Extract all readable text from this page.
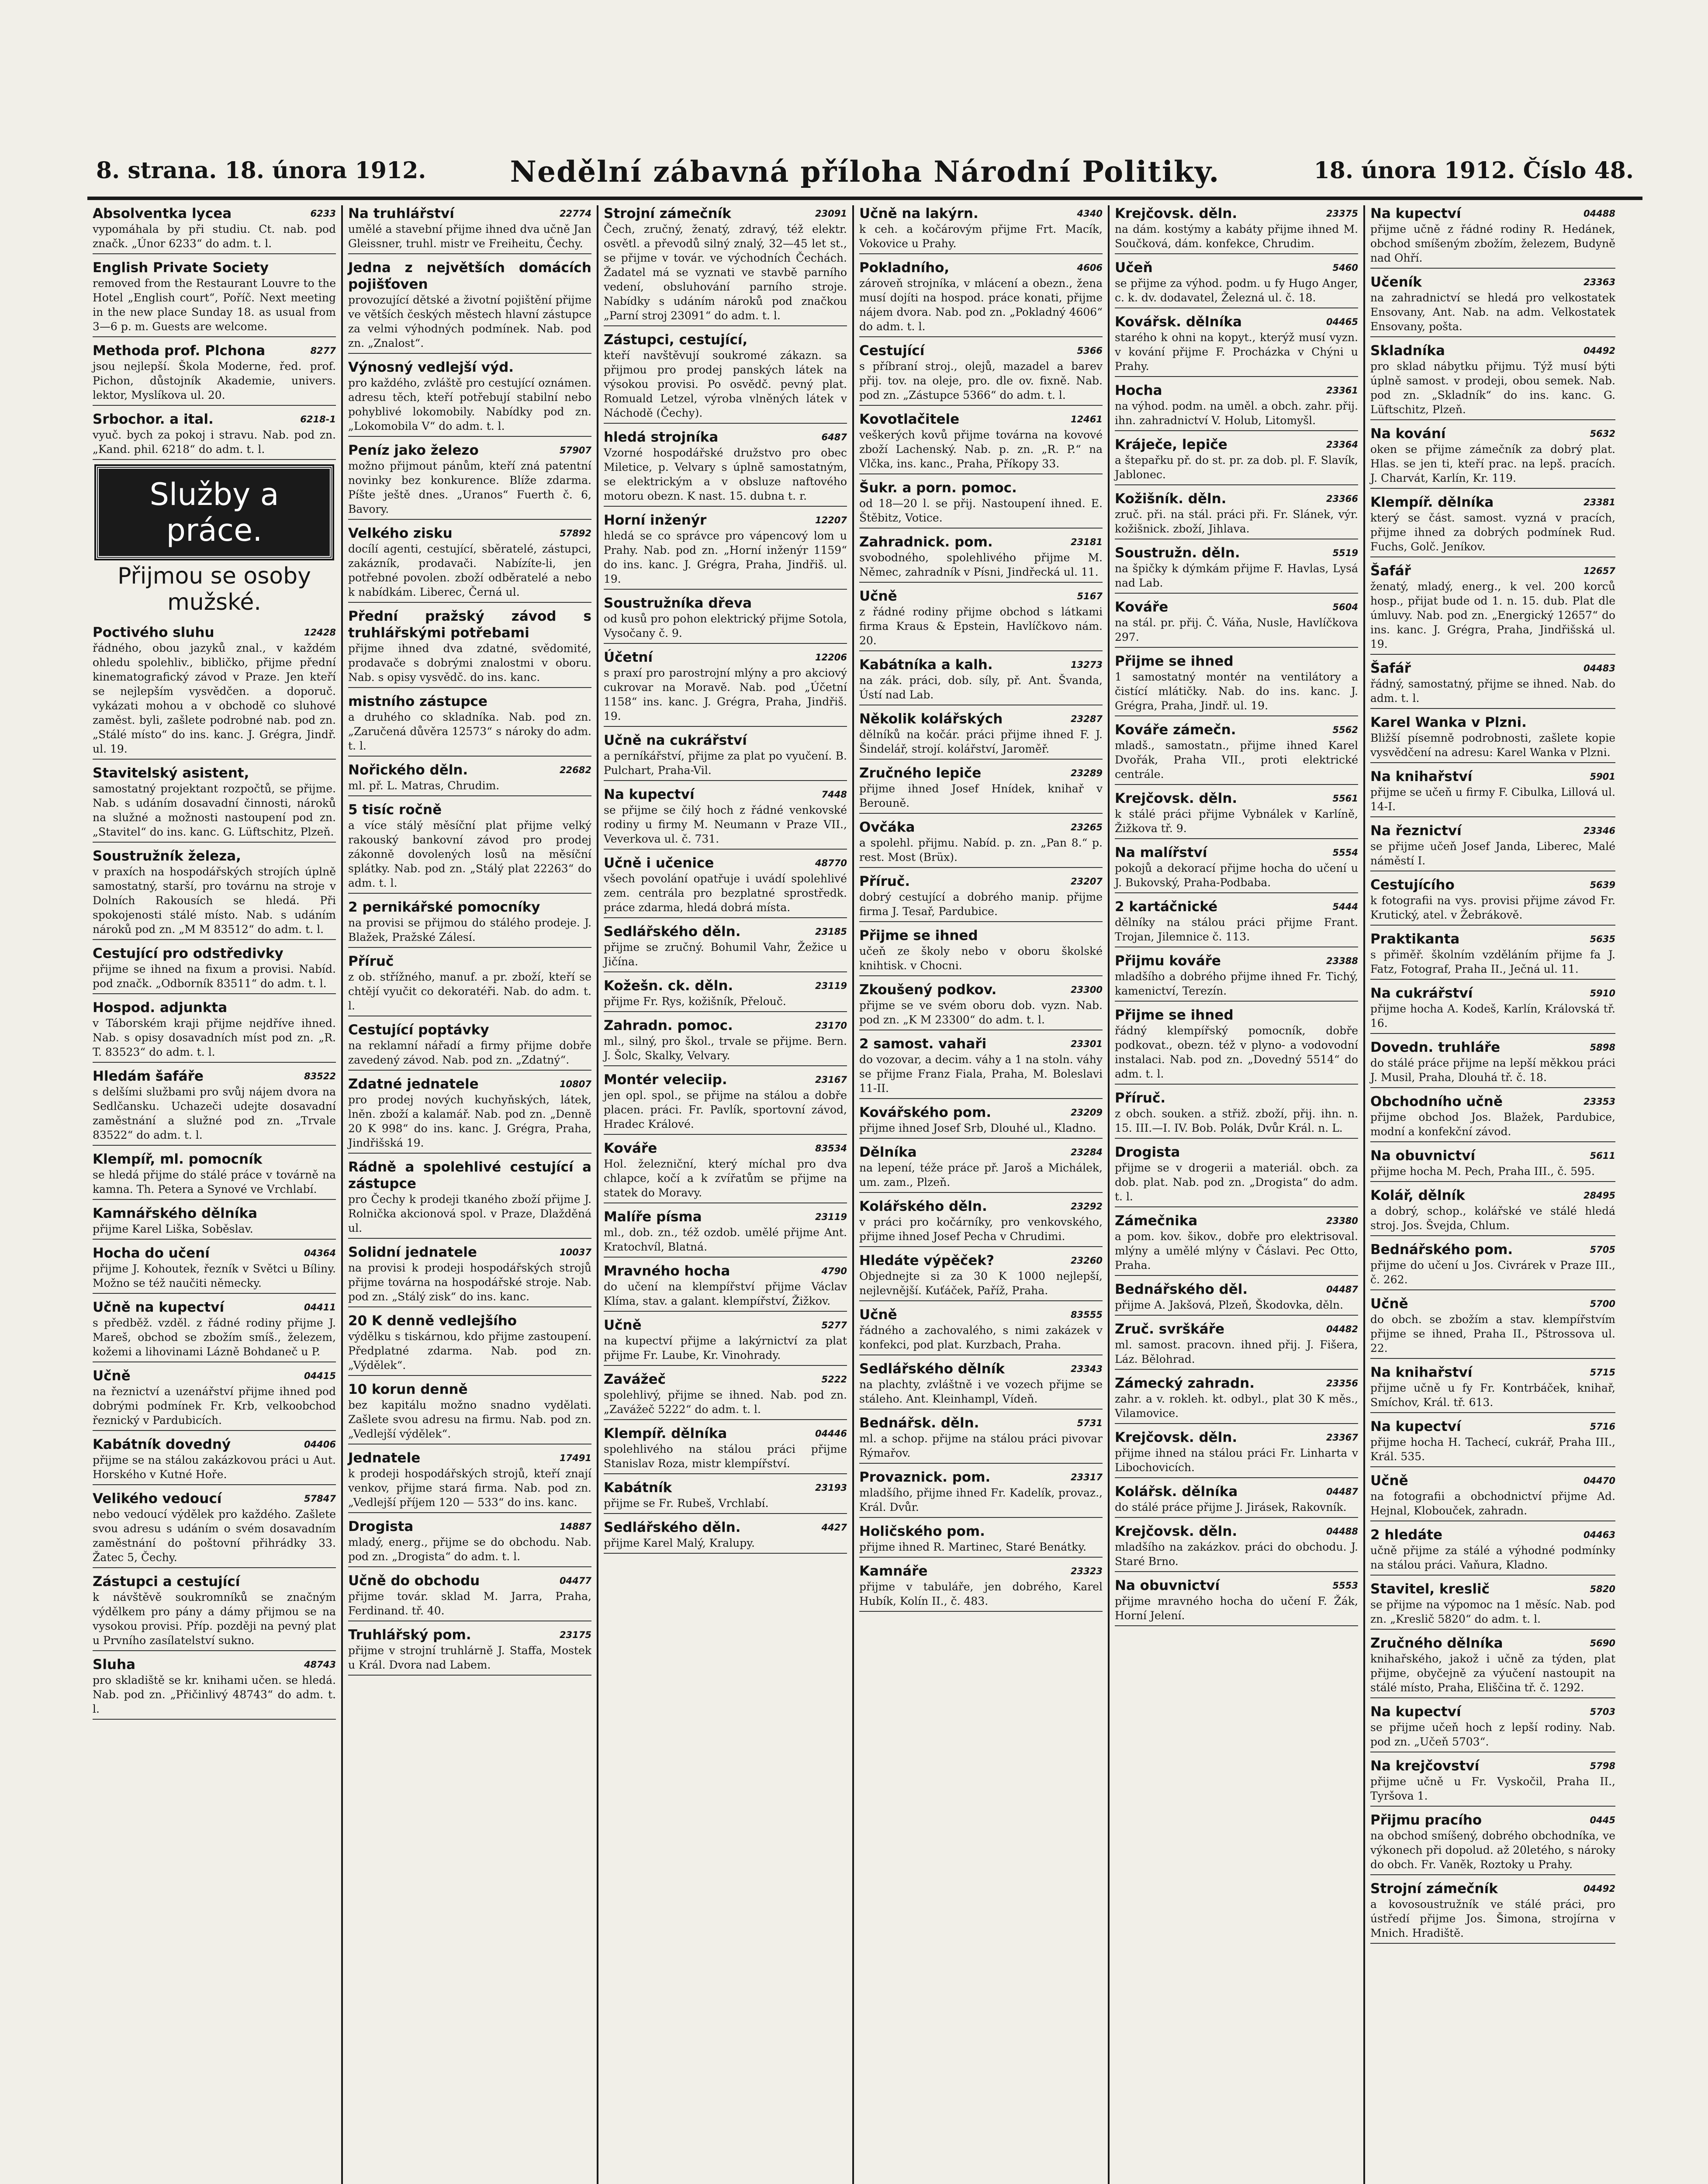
8. strana. 18. února 1912.	Nedělní zábavná příloha Národní Politiky.	18. února 1912. Číslo 48.
6233
Absolventka lycea
vypomáhala by při studiu. Ct. nab. pod značk. „Únor 6233“ do adm. t. l.
English Private Society
removed from the Restaurant Louvre to the Hotel „English court“, Poříč. Next meeting in the new place Sunday 18. as usual from 3—6 p. m. Guests are welcome.
8277
Methoda prof. Plchona
jsou nejlepší. Škola Moderne, řed. prof. Pichon, důstojník Akademie, univers. lektor, Myslíkova ul. 20.
6218-1
Srbochor. a ital.
vyuč. bych za pokoj i stravu. Nab. pod zn. „Kand. phil. 6218“ do adm. t. l.
Služby a práce.
Přijmou se osoby mužské.
12428
Poctivého sluhu
řádného, obou jazyků znal., v každém ohledu spolehliv., bibličko, přijme přední kinematografický závod v Praze. Jen kteří se nejlepším vysvědčen. a doporuč. vykázati mohou a v obchodě co sluhové zaměst. byli, zašlete podrobné nab. pod zn. „Stálé místo“ do ins. kanc. J. Grégra, Jindř. ul. 19.
Stavitelský asistent,
samostatný projektant rozpočtů, se přijme. Nab. s udáním dosavadní činnosti, nároků na služné a možnosti nastoupení pod zn. „Stavitel“ do ins. kanc. G. Lüftschitz, Plzeň.
Soustružník železa,
v praxích na hospodářských strojích úplně samostatný, starší, pro továrnu na stroje v Dolních Rakousích se hledá. Při spokojenosti stálé místo. Nab. s udáním nároků pod zn. „M M 83512“ do adm. t. l.
Cestující pro odstředivky
přijme se ihned na fixum a provisi. Nabíd. pod značk. „Odborník 83511“ do adm. t. l.
Hospod. adjunkta
v Táborském kraji přijme nejdříve ihned. Nab. s opisy dosavadních míst pod zn. „R. T. 83523“ do adm. t. l.
83522
Hledám šafáře
s delšími službami pro svůj nájem dvora na Sedlčansku. Uchazeči udejte dosavadní zaměstnání a služné pod zn. „Trvale 83522“ do adm. t. l.
Klempíř, ml. pomocník
se hledá přijme do stálé práce v továrně na kamna. Th. Petera a Synové ve Vrchlabí.
Kamnářského dělníka
přijme Karel Liška, Soběslav.
04364
Hocha do učení
přijme J. Kohoutek, řezník v Světci u Bíliny. Možno se též naučiti německy.
04411
Učně na kupectví
s předběž. vzděl. z řádné rodiny přijme J. Mareš, obchod se zbožím smíš., železem, kožemi a lihovinami Lázně Bohdaneč u P.
04415
Učně
na řeznictví a uzenářství přijme ihned pod dobrými podmínek Fr. Krb, velkoobchod řeznický v Pardubicích.
04406
Kabátník dovedný
přijme se na stálou zakázkovou práci u Aut. Horského v Kutné Hoře.
57847
Velikého vedoucí
nebo vedoucí výdělek pro každého. Zašlete svou adresu s udáním o svém dosavadním zaměstnání do poštovní přihrádky 33. Žatec 5, Čechy.
Zástupci a cestující
k návštěvě soukromníků se značným výdělkem pro pány a dámy přijmou se na vysokou provisi. Příp. později na pevný plat u Prvního zasílatelství sukno.
48743
Sluha
pro skladiště se kr. knihami učen. se hledá. Nab. pod zn. „Přičinlivý 48743“ do adm. t. l.
22774
Na truhlářství
umělé a stavební přijme ihned dva učně Jan Gleissner, truhl. mistr ve Freiheitu, Čechy.
Jedna z největších domácích pojišťoven
provozující dětské a životní pojištění přijme ve větších českých městech hlavní zástupce za velmi výhodných podmínek. Nab. pod zn. „Znalost“.
Výnosný vedlejší výd.
pro každého, zvláště pro cestující oznámen. adresu těch, kteří potřebují stabilní nebo pohyblivé lokomobily. Nabídky pod zn. „Lokomobila V“ do adm. t. l.
57907
Peníz jako železo
možno přijmout pánům, kteří zná patentní novinky bez konkurence. Blíže zdarma. Píšte ještě dnes. „Uranos“ Fuerth č. 6, Bavory.
57892
Velkého zisku
docílí agenti, cestující, sběratelé, zástupci, zakázník, prodavači. Nabízíte-li, jen potřebné povolen. zboží odběratelé a nebo k nabídkám. Liberec, Černá ul.
Přední pražský závod s truhlářskými potřebami
přijme ihned dva zdatné, svědomité, prodavače s dobrými znalostmi v oboru. Nab. s opisy vysvědč. do ins. kanc.
mistního zástupce
a druhého co skladníka. Nab. pod zn. „Zaručená důvěra 12573“ s nároky do adm. t. l.
22682
Nořického děln.
ml. př. L. Matras, Chrudim.
5 tisíc ročně
a více stálý měsíční plat přijme velký rakouský bankovní závod pro prodej zákonně dovolených losů na měsíční splátky. Nab. pod zn. „Stálý plat 22263“ do adm. t. l.
2 pernikářské pomocníky
na provisi se přijmou do stálého prodeje. J. Blažek, Pražské Zálesí.
Příruč
z ob. střížného, manuf. a pr. zboží, kteří se chtějí vyučit co dekoratéři. Nab. do adm. t. l.
Cestující poptávky
na reklamní nářadí a firmy přijme dobře zavedený závod. Nab. pod zn. „Zdatný“.
10807
Zdatné jednatele
pro prodej nových kuchyňských, látek, lněn. zboží a kalamář. Nab. pod zn. „Denně 20 K 998“ do ins. kanc. J. Grégra, Praha, Jindřišská 19.
Rádně a spolehlivé cestující a zástupce
pro Čechy k prodeji tkaného zboží přijme J. Rolnička akcionová spol. v Praze, Dlažděná ul.
10037
Solidní jednatele
na provisi k prodeji hospodářských strojů přijme továrna na hospodářské stroje. Nab. pod zn. „Stálý zisk“ do ins. kanc.
20 K denně vedlejšího
výdělku s tiskárnou, kdo přijme zastoupení. Předplatné zdarma. Nab. pod zn. „Výdělek“.
10 korun denně
bez kapitálu možno snadno vydělati. Zašlete svou adresu na firmu. Nab. pod zn. „Vedlejší výdělek“.
17491
Jednatele
k prodeji hospodářských strojů, kteří znají venkov, přijme stará firma. Nab. pod zn. „Vedlejší příjem 120 — 533“ do ins. kanc.
14887
Drogista
mladý, energ., přijme se do obchodu. Nab. pod zn. „Drogista“ do adm. t. l.
04477
Učně do obchodu
přijme továr. sklad M. Jarra, Praha, Ferdinand. tř. 40.
23175
Truhlářský pom.
přijme v strojní truhlárně J. Staffa, Mostek u Král. Dvora nad Labem.
23091
Strojní zámečník
Čech, zručný, ženatý, zdravý, též elektr. osvětl. a převodů silný znalý, 32—45 let st., se přijme v továr. ve východních Čechách. Žadatel má se vyznati ve stavbě parního vedení, obsluhování parního stroje. Nabídky s udáním nároků pod značkou „Parní stroj 23091“ do adm. t. l.
Zástupci, cestující,
kteří navštěvují soukromé zákazn. sa přijmou pro prodej panských látek na výsokou provisi. Po osvědč. pevný plat. Romuald Letzel, výroba vlněných látek v Náchodě (Čechy).
6487
hledá strojníka
Vzorné hospodářské družstvo pro obec Miletice, p. Velvary s úplně samostatným, se elektrickým a v obsluze naftového motoru obezn. K nast. 15. dubna t. r.
12207
Horní inženýr
hledá se co správce pro vápencový lom u Prahy. Nab. pod zn. „Horní inženýr 1159“ do ins. kanc. J. Grégra, Praha, Jindřiš. ul. 19.
Soustružníka dřeva
od kusů pro pohon elektrický přijme Sotola, Vysočany č. 9.
12206
Účetní
s praxí pro parostrojní mlýny a pro akciový cukrovar na Moravě. Nab. pod „Účetní 1158“ ins. kanc. J. Grégra, Praha, Jindřiš. 19.
Učně na cukrářství
a perníkářství, přijme za plat po vyučení. B. Pulchart, Praha-Vil.
7448
Na kupectví
se přijme se čilý hoch z řádné venkovské rodiny u firmy M. Neumann v Praze VII., Veverkova ul. č. 731.
48770
Učně i učenice
všech povolání opatřuje i uvádí spolehlivé zem. centrála pro bezplatné sprostředk. práce zdarma, hledá dobrá místa.
23185
Sedlářského děln.
přijme se zručný. Bohumil Vahr, Žežice u Jičína.
23119
Kožešn. ck. děln.
přijme Fr. Rys, kožišník, Přelouč.
23170
Zahradn. pomoc.
ml., silný, pro škol., trvale se přijme. Bern. J. Šolc, Skalky, Velvary.
23167
Montér veleciip.
jen opl. spol., se přijme na stálou a dobře placen. práci. Fr. Pavlík, sportovní závod, Hradec Králové.
83534
Kováře
Hol. železniční, který míchal pro dva chlapce, kočí a k zvířatům se přijme na statek do Moravy.
23119
Malíře písma
ml., dob. zn., též ozdob. umělé přijme Ant. Kratochvíl, Blatná.
4790
Mravného hocha
do učení na klempířství přijme Václav Klíma, stav. a galant. klempířství, Žižkov.
5277
Učně
na kupectví přijme a lakýrnictví za plat přijme Fr. Laube, Kr. Vinohrady.
5222
Zavážeč
spolehlivý, přijme se ihned. Nab. pod zn. „Zavážeč 5222“ do adm. t. l.
04446
Klempíř. dělníka
spolehlivého na stálou práci přijme Stanislav Roza, mistr klempířství.
23193
Kabátník
přijme se Fr. Rubeš, Vrchlabí.
4427
Sedlářského děln.
přijme Karel Malý, Kralupy.
4340
Učně na lakýrn.
k ceh. a kočárovým přijme Frt. Macík, Vokovice u Prahy.
4606
Pokladního,
zároveň strojníka, v mlácení a obezn., žena musí dojíti na hospod. práce konati, přijme nájem dvora. Nab. pod zn. „Pokladný 4606“ do adm. t. l.
5366
Cestující
s příbraní stroj., olejů, mazadel a barev přij. tov. na oleje, pro. dle ov. fixně. Nab. pod zn. „Zástupce 5366“ do adm. t. l.
12461
Kovotlačitele
veškerých kovů přijme továrna na kovové zboží Lachenský. Nab. p. zn. „R. P.“ na Vlčka, ins. kanc., Praha, Příkopy 33.
Šukr. a porn. pomoc.
od 18—20 l. se přij. Nastoupení ihned. E. Štěbitz, Votice.
23181
Zahradnick. pom.
svobodného, spolehlivého přijme M. Němec, zahradník v Písni, Jindřecká ul. 11.
5167
Učně
z řádné rodiny přijme obchod s látkami firma Kraus & Epstein, Havlíčkovo nám. 20.
13273
Kabátníka a kalh.
na zák. práci, dob. síly, př. Ant. Švanda, Ústí nad Lab.
23287
Několik kolářských
dělníků na kočár. práci přijme ihned F. J. Šindelář, strojí. kolářství, Jaroměř.
23289
Zručného lepiče
přijme ihned Josef Hnídek, knihař v Berouně.
23265
Ovčáka
a spolehl. přijmu. Nabíd. p. zn. „Pan 8.“ p. rest. Most (Brüx).
23207
Příruč.
dobrý cestující a dobrého manip. přijme firma J. Tesař, Pardubice.
Přijme se ihned
učeň ze školy nebo v oboru školské knihtisk. v Chocni.
23300
Zkoušený podkov.
přijme se ve svém oboru dob. vyzn. Nab. pod zn. „K M 23300“ do adm. t. l.
23301
2 samost. vahaři
do vozovar, a decim. váhy a 1 na stoln. váhy se přijme Franz Fiala, Praha, M. Boleslavi 11-II.
23209
Kovářského pom.
přijme ihned Josef Srb, Dlouhé ul., Kladno.
23284
Dělníka
na lepení, téže práce př. Jaroš a Michálek, um. zam., Plzeň.
23292
Kolářského děln.
v práci pro kočárníky, pro venkovského, přijme ihned Josef Pecha v Chrudimi.
23260
Hledáte výpěček?
Objednejte si za 30 K 1000 nejlepší, nejlevnější. Kuťáček, Paříž, Praha.
83555
Učně
řádného a zachovalého, s nimi zakázek v konfekci, pod plat. Kurzbach, Praha.
23343
Sedlářského dělník
na plachty, zvláštně i ve vozech přijme se stáleho. Ant. Kleinhampl, Vídeň.
5731
Bednářsk. děln.
ml. a schop. přijme na stálou práci pivovar Rýmařov.
23317
Provaznick. pom.
mladšího, přijme ihned Fr. Kadelík, provaz., Král. Dvůr.
Holičského pom.
přijme ihned R. Martinec, Staré Benátky.
23323
Kamnáře
přijme v tabuláře, jen dobrého, Karel Hubík, Kolín II., č. 483.
23375
Krejčovsk. děln.
na dám. kostýmy a kabáty přijme ihned M. Součková, dám. konfekce, Chrudim.
5460
Učeň
se přijme za výhod. podm. u fy Hugo Anger, c. k. dv. dodavatel, Železná ul. č. 18.
04465
Kovářsk. dělníka
starého k ohni na kopyt., kterýž musí vyzn. v kování přijme F. Procházka v Chýni u Prahy.
23361
Hocha
na výhod. podm. na uměl. a obch. zahr. přij. ihn. zahradnictví V. Holub, Litomyšl.
23364
Kráječe, lepiče
a štepařku př. do st. pr. za dob. pl. F. Slavík, Jablonec.
23366
Kožišník. děln.
zruč. při. na stál. práci při. Fr. Slánek, výr. kožišnick. zboží, Jihlava.
5519
Soustružn. děln.
na špičky k dýmkám přijme F. Havlas, Lysá nad Lab.
5604
Kováře
na stál. pr. přij. Č. Váňa, Nusle, Havlíčkova 297.
Přijme se ihned
1 samostatný montér na ventilátory a čistící mlátičky. Nab. do ins. kanc. J. Grégra, Praha, Jindř. ul. 19.
5562
Kováře zámečn.
mladš., samostatn., přijme ihned Karel Dvořák, Praha VII., proti elektrické centrále.
5561
Krejčovsk. děln.
k stálé práci přijme Vybnálek v Karlíně, Žižkova tř. 9.
5554
Na malířství
pokojů a dekorací přijme hocha do učení u J. Bukovský, Praha-Podbaba.
5444
2 kartáčnické
dělníky na stálou práci přijme Frant. Trojan, Jilemnice č. 113.
23388
Přijmu kováře
mladšího a dobrého přijme ihned Fr. Tichý, kamenictví, Terezín.
Přijme se ihned
řádný klempířský pomocník, dobře podkovat., obezn. též v plyno- a vodovodní instalaci. Nab. pod zn. „Dovedný 5514“ do adm. t. l.
Příruč.
z obch. souken. a střiž. zboží, přij. ihn. n. 15. III.—I. IV. Bob. Polák, Dvůr Král. n. L.
Drogista
přijme se v drogerii a materiál. obch. za dob. plat. Nab. pod zn. „Drogista“ do adm. t. l.
23380
Zámečnika
a pom. kov. šikov., dobře pro elektrisoval. mlýny a umělé mlýny v Čáslavi. Pec Otto, Praha.
04487
Bednářského děl.
přijme A. Jakšová, Plzeň, Škodovka, děln.
04482
Zruč. svrškáře
ml. samost. pracovn. ihned přij. J. Fišera, Láz. Bělohrad.
23356
Zámecký zahradn.
zahr. a v. rokleh. kt. odbyl., plat 30 K měs., Vilamovice.
23367
Krejčovsk. děln.
přijme ihned na stálou práci Fr. Linharta v Libochovicích.
04487
Kolářsk. dělníka
do stálé práce přijme J. Jirásek, Rakovník.
04488
Krejčovsk. děln.
mladšího na zakázkov. práci do obchodu. J. Staré Brno.
5553
Na obuvnictví
přijme mravného hocha do učení F. Žák, Horní Jelení.
04488
Na kupectví
přijme učně z řádné rodiny R. Hedánek, obchod smíšeným zbožím, železem, Budyně nad Ohří.
23363
Učeník
na zahradnictví se hledá pro velkostatek Ensovany, Ant. Nab. na adm. Velkostatek Ensovany, pošta.
04492
Skladníka
pro sklad nábytku přijmu. Týž musí býti úplně samost. v prodeji, obou semek. Nab. pod zn. „Skladník“ do ins. kanc. G. Lüftschitz, Plzeň.
5632
Na kování
oken se přijme zámečník za dobrý plat. Hlas. se jen ti, kteří prac. na lepš. pracích. J. Charvát, Karlín, Kr. 119.
23381
Klempíř. dělníka
který se část. samost. vyzná v pracích, přijme ihned za dobrých podmínek Rud. Fuchs, Golč. Jeníkov.
12657
Šafář
ženatý, mladý, energ., k vel. 200 korců hosp., přijat bude od 1. n. 15. dub. Plat dle úmluvy. Nab. pod zn. „Energický 12657“ do ins. kanc. J. Grégra, Praha, Jindřišská ul. 19.
04483
Šafář
řádný, samostatný, přijme se ihned. Nab. do adm. t. l.
Karel Wanka v Plzni.
Bližší písemně podrobnosti, zašlete kopie vysvědčení na adresu: Karel Wanka v Plzni.
5901
Na knihařství
přijme se učeň u firmy F. Cibulka, Lillová ul. 14-I.
23346
Na řeznictví
se přijme učeň Josef Janda, Liberec, Malé náměstí I.
5639
Cestujícího
k fotografii na vys. provisi přijme závod Fr. Krutický, atel. v Žebrákově.
5635
Praktikanta
s přiměř. školním vzděláním přijme fa J. Fatz, Fotograf, Praha II., Ječná ul. 11.
5910
Na cukrářství
přijme hocha A. Kodeš, Karlín, Královská tř. 16.
5898
Dovedn. truhláře
do stálé práce přijme na lepší měkkou práci J. Musil, Praha, Dlouhá tř. č. 18.
23353
Obchodního učně
přijme obchod Jos. Blažek, Pardubice, modní a konfekční závod.
5611
Na obuvnictví
přijme hocha M. Pech, Praha III., č. 595.
28495
Kolář, dělník
a dobrý, schop., kolářské ve stálé hledá stroj. Jos. Švejda, Chlum.
5705
Bednářského pom.
přijme do učení u Jos. Civrárek v Praze III., č. 262.
5700
Učně
do obch. se zbožím a stav. klempířstvím přijme se ihned, Praha II., Pštrossova ul. 22.
5715
Na knihařství
přijme učně u fy Fr. Kontrbáček, knihař, Smíchov, Král. tř. 613.
5716
Na kupectví
přijme hocha H. Tachecí, cukrář, Praha III., Král. 535.
04470
Učně
na fotografii a obchodnictví přijme Ad. Hejnal, Klobouček, zahradn.
04463
2 hledáte
učně přijme za stálé a výhodné podmínky na stálou práci. Vaňura, Kladno.
5820
Stavitel, kreslič
se přijme na výpomoc na 1 měsíc. Nab. pod zn. „Kreslič 5820“ do adm. t. l.
5690
Zručného dělníka
knihařského, jakož i učně za týden, plat přijme, obyčejně za výučení nastoupit na stálé místo, Praha, Eliščina tř. č. 1292.
5703
Na kupectví
se přijme učeň hoch z lepší rodiny. Nab. pod zn. „Učeň 5703“.
5798
Na krejčovství
přijme učně u Fr. Vyskočil, Praha II., Tyršova 1.
0445
Přijmu pracího
na obchod smíšený, dobrého obchodníka, ve výkonech při dopolud. až 20letého, s nároky do obch. Fr. Vaněk, Roztoky u Prahy.
04492
Strojní zámečník
a kovosoustružník ve stálé práci, pro ústředí přijme Jos. Šimona, strojírna v Mnich. Hradiště.
